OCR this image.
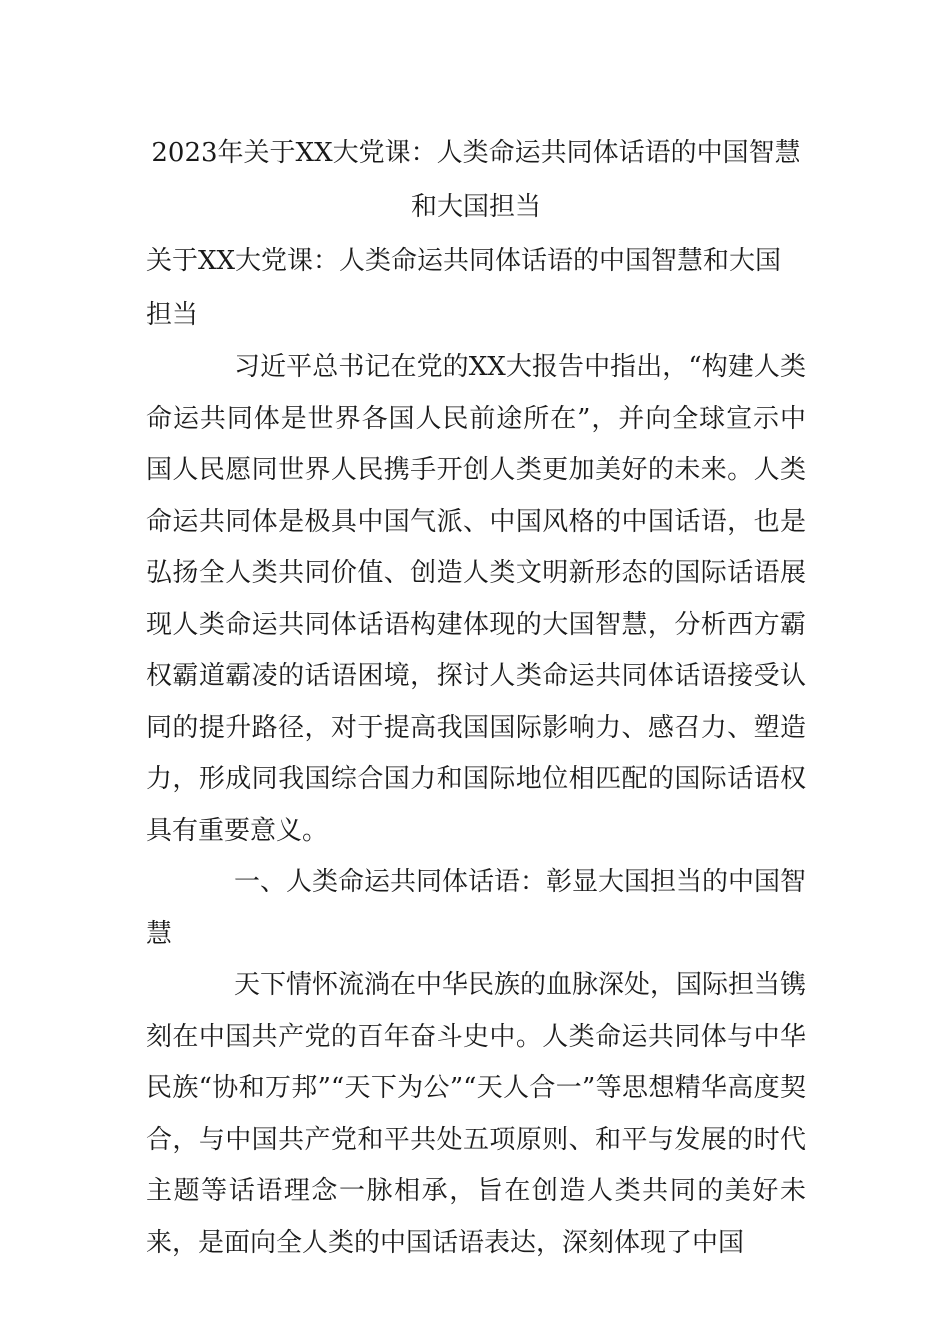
2023年关于XX大党课：人类命运共同体话语的中国智慧和大国担当

关于XX大党课：人类命运共同体话语的中国智慧和大国担当

习近平总书记在党的XX大报告中指出，“构建人类命运共同体是世界各国人民前途所在”，并向全球宣示中国人民愿同世界人民携手开创人类更加美好的未来。人类命运共同体是极具中国气派、中国风格的中国话语，也是弘扬全人类共同价值、创造人类文明新形态的国际话语展现人类命运共同体话语构建体现的大国智慧，分析西方霸权霸道霸凌的话语困境，探讨人类命运共同体话语接受认同的提升路径，对于提高我国国际影响力、感召力、塑造力，形成同我国综合国力和国际地位相匹配的国际话语权具有重要意义。

一、人类命运共同体话语：彰显大国担当的中国智慧

天下情怀流淌在中华民族的血脉深处，国际担当镌刻在中国共产党的百年奋斗史中。人类命运共同体与中华民族“协和万邦”“天下为公”“天人合一”等思想精华高度契合，与中国共产党和平共处五项原则、和平与发展的时代主题等话语理念一脉相承，旨在创造人类共同的美好未来，是面向全人类的中国话语表达，深刻体现了中国
